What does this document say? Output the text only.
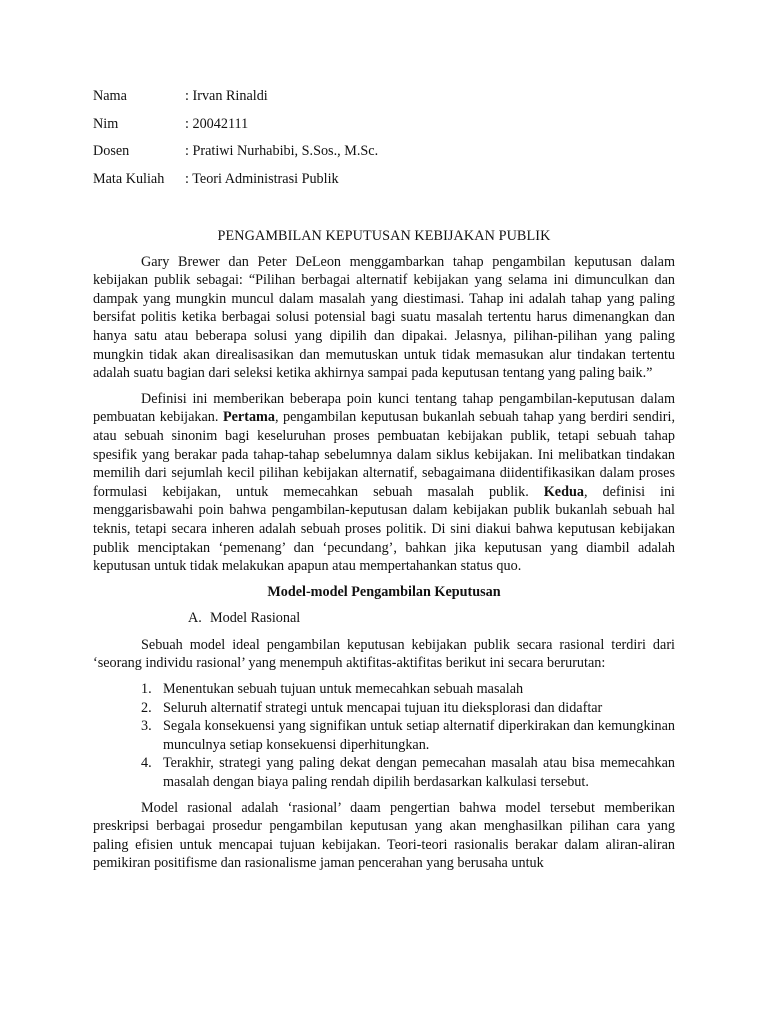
Nama	: Irvan Rinaldi
Nim	: 20042111
Dosen	: Pratiwi Nurhabibi, S.Sos., M.Sc.
Mata Kuliah	: Teori Administrasi Publik
PENGAMBILAN KEPUTUSAN KEBIJAKAN PUBLIK

Gary Brewer dan Peter DeLeon menggambarkan tahap pengambilan keputusan dalam kebijakan publik sebagai: “Pilihan berbagai alternatif kebijakan yang selama ini dimunculkan dan dampak yang mungkin muncul dalam masalah yang diestimasi. Tahap ini adalah tahap yang paling bersifat politis ketika berbagai solusi potensial bagi suatu masalah tertentu harus dimenangkan dan hanya satu atau beberapa solusi yang dipilih dan dipakai. Jelasnya, pilihan-pilihan yang paling mungkin tidak akan direalisasikan dan memutuskan untuk tidak memasukan alur tindakan tertentu adalah suatu bagian dari seleksi ketika akhirnya sampai pada keputusan tentang yang paling baik.”

Definisi ini memberikan beberapa poin kunci tentang tahap pengambilan-keputusan dalam pembuatan kebijakan. Pertama, pengambilan keputusan bukanlah sebuah tahap yang berdiri sendiri, atau sebuah sinonim bagi keseluruhan proses pembuatan kebijakan publik, tetapi sebuah tahap spesifik yang berakar pada tahap-tahap sebelumnya dalam siklus kebijakan. Ini melibatkan tindakan memilih dari sejumlah kecil pilihan kebijakan alternatif, sebagaimana diidentifikasikan dalam proses formulasi kebijakan, untuk memecahkan sebuah masalah publik. Kedua, definisi ini menggarisbawahi poin bahwa pengambilan-keputusan dalam kebijakan publik bukanlah sebuah hal teknis, tetapi secara inheren adalah sebuah proses politik. Di sini diakui bahwa keputusan kebijakan publik menciptakan ‘pemenang’ dan ‘pecundang’, bahkan jika keputusan yang diambil adalah keputusan untuk tidak melakukan apapun atau mempertahankan status quo.

Model-model Pengambilan Keputusan
A. Model Rasional

Sebuah model ideal pengambilan keputusan kebijakan publik secara rasional terdiri dari ‘seorang individu rasional’ yang menempuh aktifitas-aktifitas berikut ini secara berurutan:

1. Menentukan sebuah tujuan untuk memecahkan sebuah masalah
2. Seluruh alternatif strategi untuk mencapai tujuan itu dieksplorasi dan didaftar
3. Segala konsekuensi yang signifikan untuk setiap alternatif diperkirakan dan kemungkinan munculnya setiap konsekuensi diperhitungkan.
4. Terakhir, strategi yang paling dekat dengan pemecahan masalah atau bisa memecahkan masalah dengan biaya paling rendah dipilih berdasarkan kalkulasi tersebut.

Model rasional adalah ‘rasional’ daam pengertian bahwa model tersebut memberikan preskripsi berbagai prosedur pengambilan keputusan yang akan menghasilkan pilihan cara yang paling efisien untuk mencapai tujuan kebijakan. Teori-teori rasionalis berakar dalam aliran-aliran pemikiran positifisme dan rasionalisme jaman pencerahan yang berusaha untuk
